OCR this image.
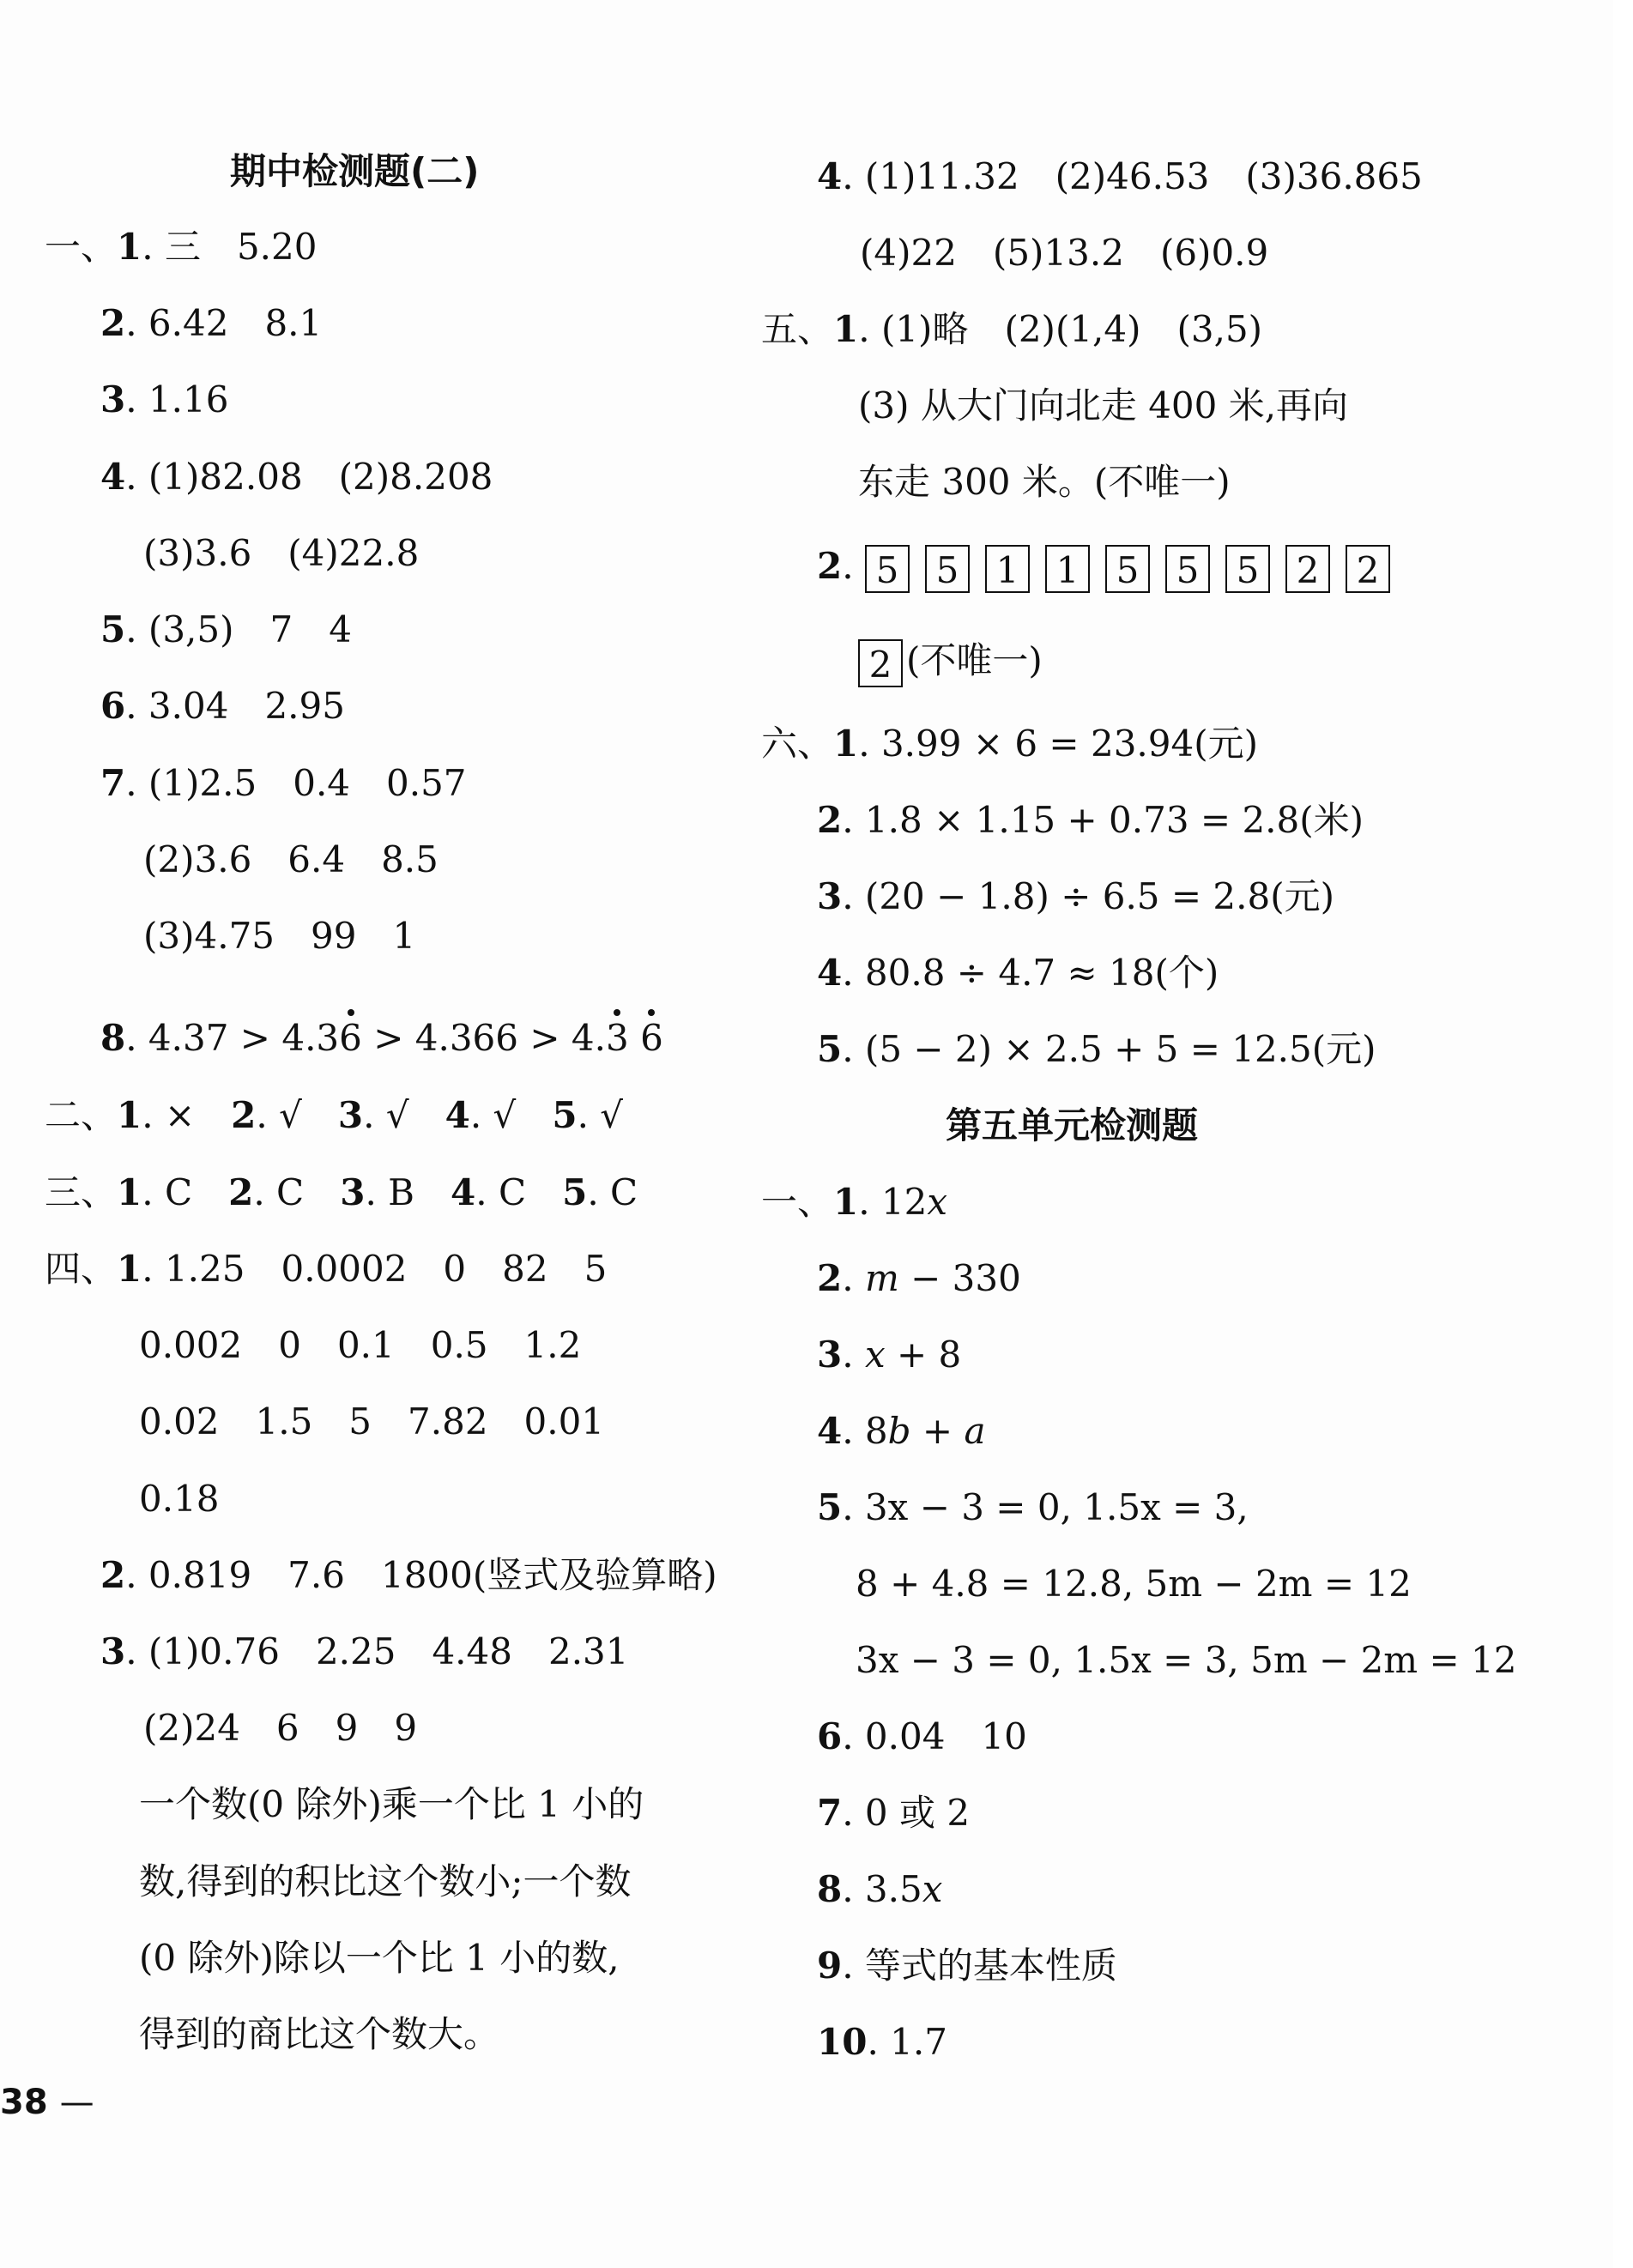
期中检测题(二)
一、1. 三　5.20
2. 6.42　8.1
3. 1.16
4. (1)82.08　(2)8.208
(3)3.6　(4)22.8
5. (3,5)　7　4
6. 3.04　2.95
7. (1)2.5　0.4　0.57
(2)3.6　6.4　8.5
(3)4.75　99　1
8. 4.37 > 4.36 > 4.366 > 4.3 6
二、1. ×　 2. √　 3. √　 4. √　 5. √
三、1. C　 2. C　 3. B　 4. C　 5. C
四、1. 1.25　0.0002　0　82　5
0.002　0　0.1　0.5　1.2
0.02　1.5　5　7.82　0.01
0.18
2. 0.819　7.6　1800(竖式及验算略)
3. (1)0.76　2.25　4.48　2.31
(2)24　6　9　9
一个数(0 除外)乘一个比 1 小的
数,得到的积比这个数小;一个数
(0 除外)除以一个比 1 小的数,
得到的商比这个数大。
4. (1)11.32　(2)46.53　(3)36.865
(4)22　(5)13.2　(6)0.9
五、1. (1)略　(2)(1,4)　(3,5)
(3) 从大门向北走 400 米,再向
东走 300 米。(不唯一)
2. 5 5 1 1 5 5 5 2 2
2 (不唯一)
六、1. 3.99 × 6 = 23.94(元)
2. 1.8 × 1.15 + 0.73 = 2.8(米)
3. (20 − 1.8) ÷ 6.5 = 2.8(元)
4. 80.8 ÷ 4.7 ≈ 18(个)
5. (5 − 2) × 2.5 + 5 = 12.5(元)
第五单元检测题
一、1. 12x
2. m − 330
3. x + 8
4. 8b + a
5. 3x − 3 = 0, 1.5x = 3,
8 + 4.8 = 12.8, 5m − 2m = 12
3x − 3 = 0, 1.5x = 3, 5m − 2m = 12
6. 0.04　10
7. 0 或 2
8. 3.5x
9. 等式的基本性质
10. 1.7
38 —
